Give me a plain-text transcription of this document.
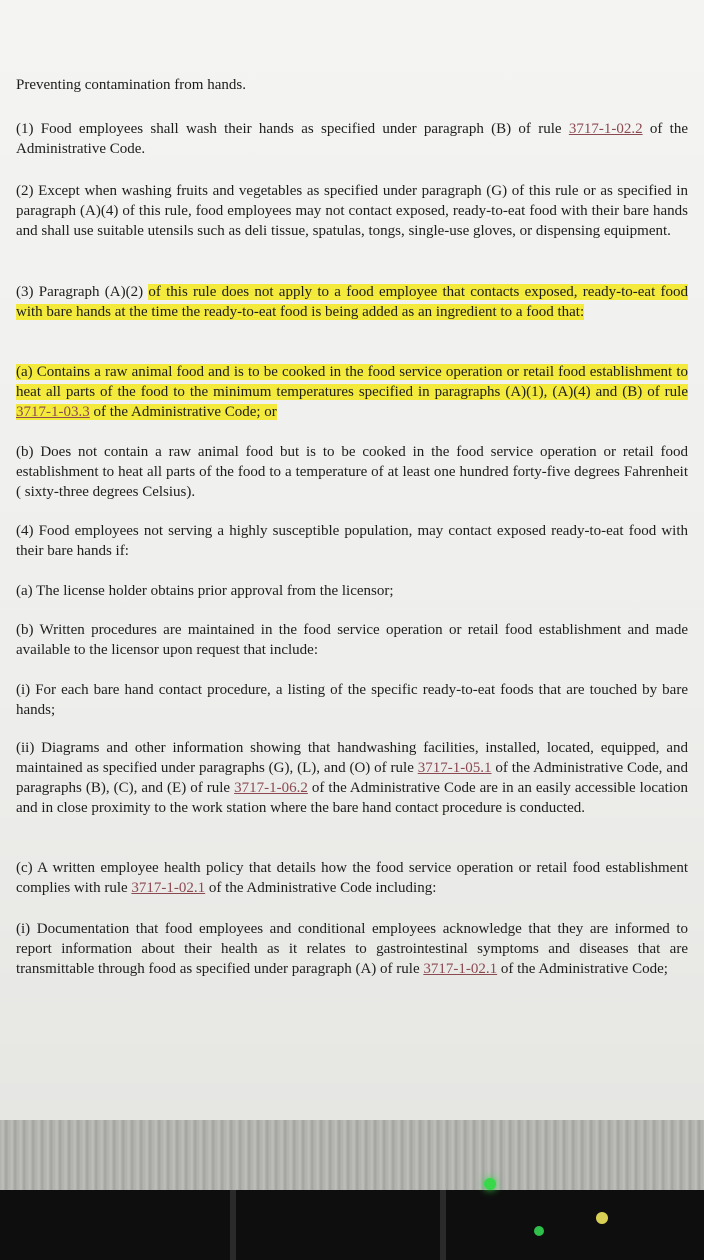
Preventing contamination from hands.

(1) Food employees shall wash their hands as specified under paragraph (B) of rule 3717-1-02.2 of the Administrative Code.

(2) Except when washing fruits and vegetables as specified under paragraph (G) of this rule or as specified in paragraph (A)(4) of this rule, food employees may not contact exposed, ready-to-eat food with their bare hands and shall use suitable utensils such as deli tissue, spatulas, tongs, single-use gloves, or dispensing equipment.

(3) Paragraph (A)(2) of this rule does not apply to a food employee that contacts exposed, ready-to-eat food with bare hands at the time the ready-to-eat food is being added as an ingredient to a food that:

(a) Contains a raw animal food and is to be cooked in the food service operation or retail food establishment to heat all parts of the food to the minimum temperatures specified in paragraphs (A)(1), (A)(4) and (B) of rule 3717-1-03.3 of the Administrative Code; or

(b) Does not contain a raw animal food but is to be cooked in the food service operation or retail food establishment to heat all parts of the food to a temperature of at least one hundred forty-five degrees Fahrenheit ( sixty-three degrees Celsius).

(4) Food employees not serving a highly susceptible population, may contact exposed ready-to-eat food with their bare hands if:

(a) The license holder obtains prior approval from the licensor;

(b) Written procedures are maintained in the food service operation or retail food establishment and made available to the licensor upon request that include:

(i) For each bare hand contact procedure, a listing of the specific ready-to-eat foods that are touched by bare hands;

(ii) Diagrams and other information showing that handwashing facilities, installed, located, equipped, and maintained as specified under paragraphs (G), (L), and (O) of rule 3717-1-05.1 of the Administrative Code, and paragraphs (B), (C), and (E) of rule 3717-1-06.2 of the Administrative Code are in an easily accessible location and in close proximity to the work station where the bare hand contact procedure is conducted.

(c) A written employee health policy that details how the food service operation or retail food establishment complies with rule 3717-1-02.1 of the Administrative Code including:

(i) Documentation that food employees and conditional employees acknowledge that they are informed to report information about their health as it relates to gastrointestinal symptoms and diseases that are transmittable through food as specified under paragraph (A) of rule 3717-1-02.1 of the Administrative Code;
